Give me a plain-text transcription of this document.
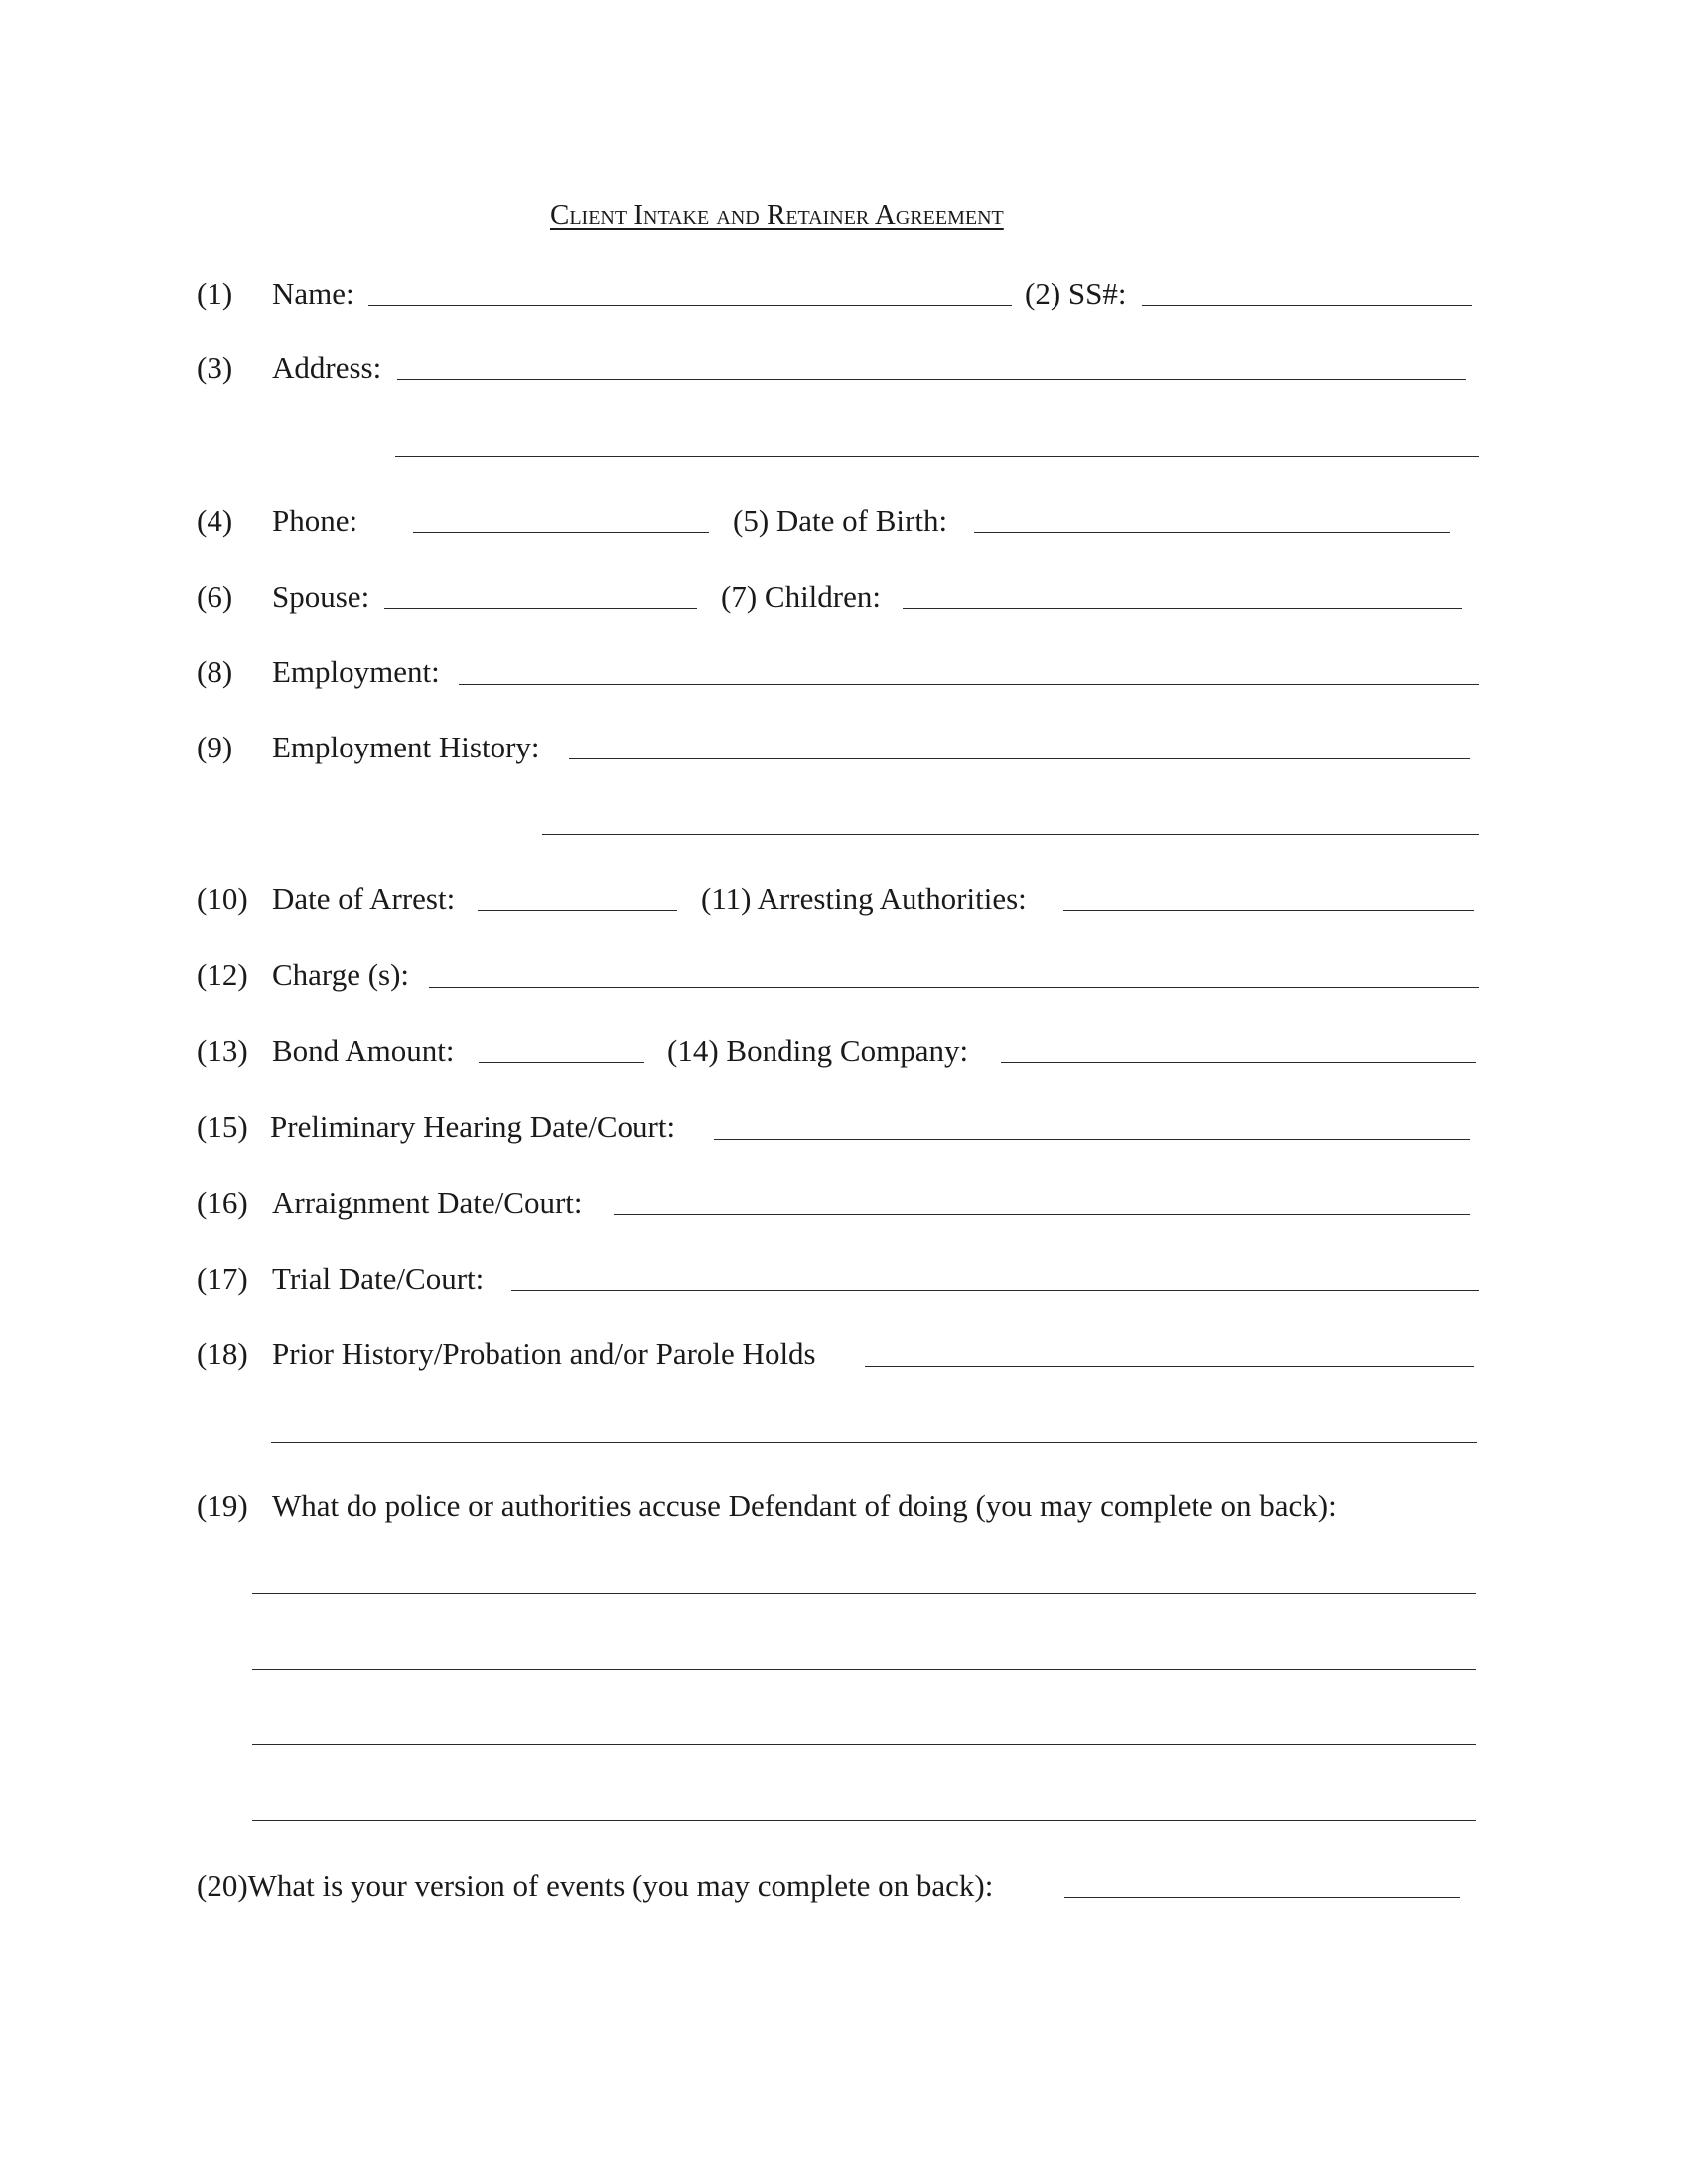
Client Intake and Retainer Agreement
(1) Name:	(2) SS#:
(3) Address:
(4) Phone:	(5) Date of Birth:
(6) Spouse:	(7) Children:
(8) Employment:
(9) Employment History:
(10) Date of Arrest:	(11) Arresting Authorities:
(12) Charge (s):
(13) Bond Amount:	(14) Bonding Company:
(15) Preliminary Hearing Date/Court:
(16) Arraignment Date/Court:
(17) Trial Date/Court:
(18) Prior History/Probation and/or Parole Holds
(19) What do police or authorities accuse Defendant of doing (you may complete on back):
(20)What is your version of events (you may complete on back):
